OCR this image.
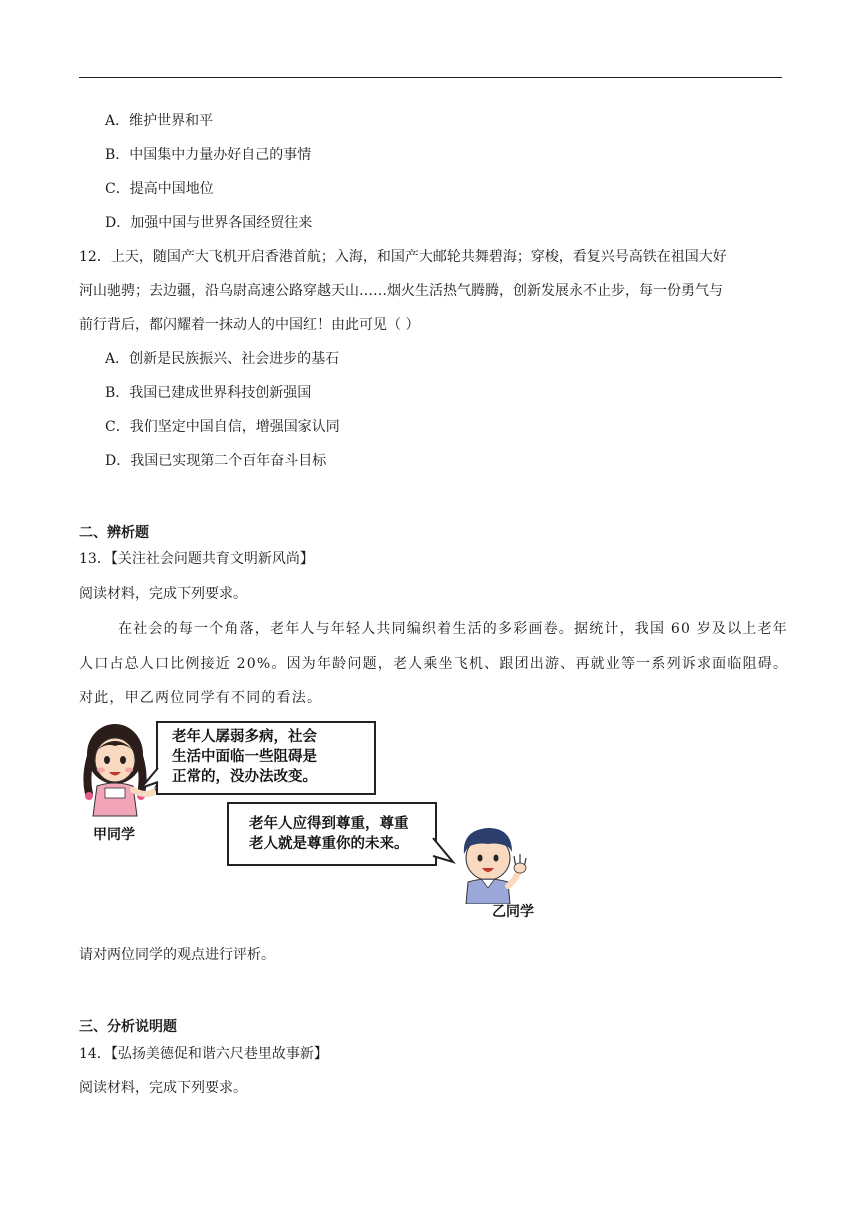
A．维护世界和平
B．中国集中力量办好自己的事情
C．提高中国地位
D．加强中国与世界各国经贸往来
12．上天，随国产大飞机开启香港首航；入海，和国产大邮轮共舞碧海；穿梭，看复兴号高铁在祖国大好
河山驰骋；去边疆，沿乌尉高速公路穿越天山……烟火生活热气腾腾，创新发展永不止步，每一份勇气与
前行背后，都闪耀着一抹动人的中国红！由此可见（ ）
A．创新是民族振兴、社会进步的基石
B．我国已建成世界科技创新强国
C．我们坚定中国自信，增强国家认同
D．我国已实现第二个百年奋斗目标
二、辨析题
13．【关注社会问题共育文明新风尚】
阅读材料，完成下列要求。
在社会的每一个角落，老年人与年轻人共同编织着生活的多彩画卷。据统计，我国 60 岁及以上老年
人口占总人口比例接近 20%。因为年龄问题，老人乘坐飞机、跟团出游、再就业等一系列诉求面临阻碍。
对此，甲乙两位同学有不同的看法。
甲同学

老年人孱弱多病，社会

生活中面临一些阻碍是

正常的，没办法改变。

老年人应得到尊重，尊重

老人就是尊重你的未来。

乙同学
请对两位同学的观点进行评析。
三、分析说明题
14．【弘扬美德促和谐六尺巷里故事新】
阅读材料，完成下列要求。
